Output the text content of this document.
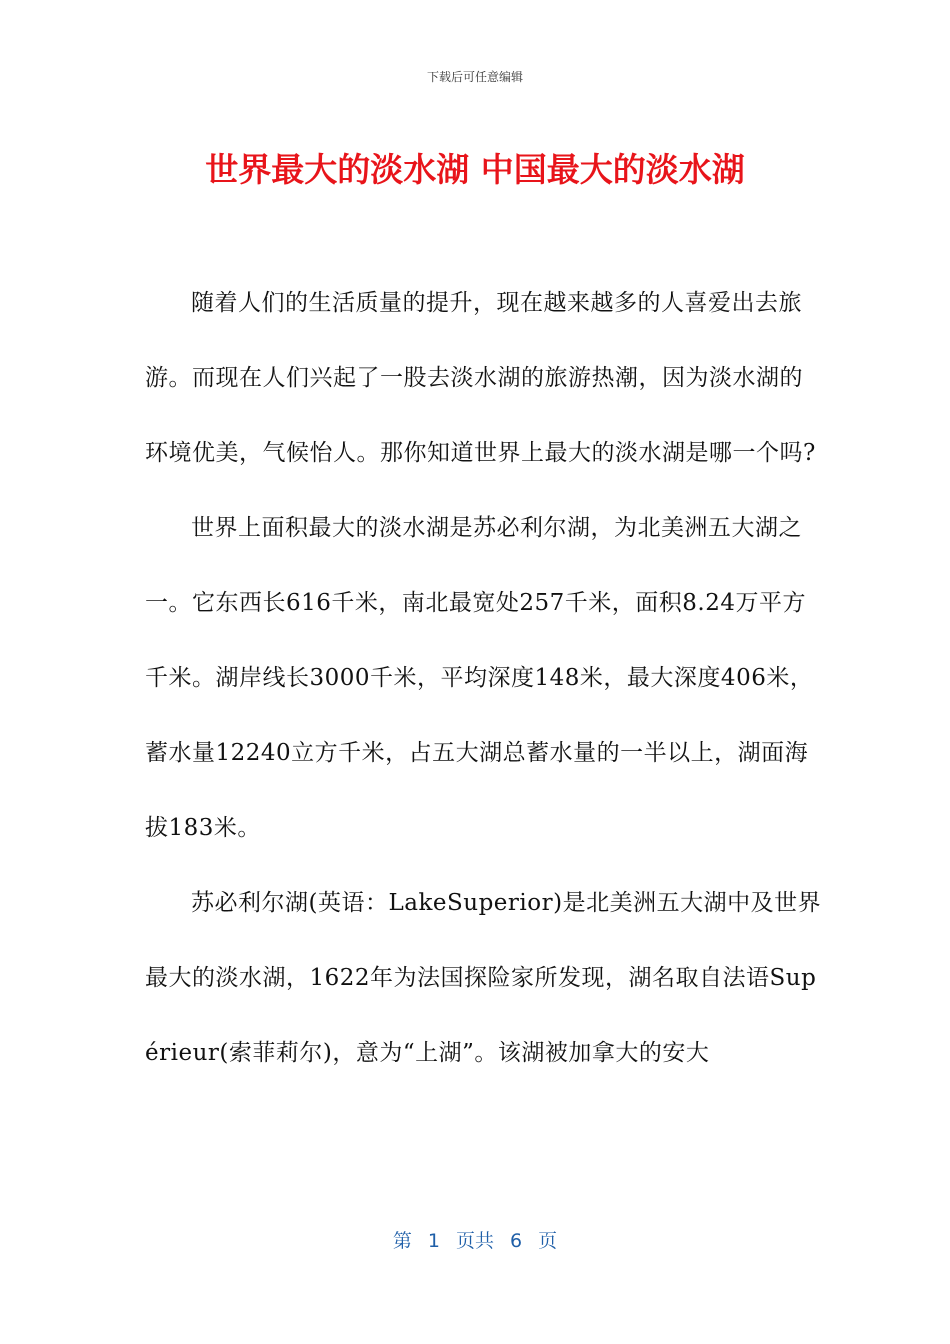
下载后可任意编辑
世界最大的淡水湖 中国最大的淡水湖

随着人们的生活质量的提升，现在越来越多的人喜爱出去旅游。而现在人们兴起了一股去淡水湖的旅游热潮，因为淡水湖的环境优美，气候怡人。那你知道世界上最大的淡水湖是哪一个吗?

世界上面积最大的淡水湖是苏必利尔湖，为北美洲五大湖之一。它东西长616千米，南北最宽处257千米，面积8.24万平方千米。湖岸线长3000千米，平均深度148米，最大深度406米，蓄水量12240立方千米，占五大湖总蓄水量的一半以上，湖面海拔183米。

苏必利尔湖(英语：LakeSuperior)是北美洲五大湖中及世界最大的淡水湖，1622年为法国探险家所发现，湖名取自法语Supérieur(索菲莉尔)，意为“上湖”。该湖被加拿大的安大

第 1 页共 6 页
